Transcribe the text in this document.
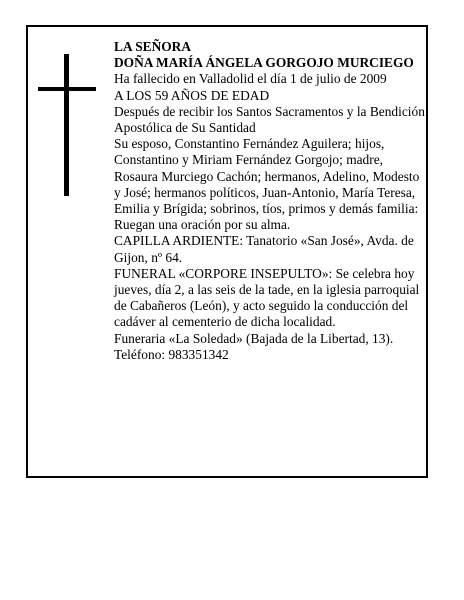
LA SEÑORA

DOÑA MARÍA ÁNGELA GORGOJO MURCIEGO

Ha fallecido en Valladolid el día 1 de julio de 2009

A LOS 59 AÑOS DE EDAD

Después de recibir los Santos Sacramentos y la Bendición Apostólica de Su Santidad

Su esposo, Constantino Fernández Aguilera; hijos, Constantino y Miriam Fernández Gorgojo; madre, Rosaura Murciego Cachón; hermanos, Adelino, Modesto y José; hermanos políticos, Juan-Antonio, María Teresa, Emilia y Brígida; sobrinos, tíos, primos y demás familia:

Ruegan una oración por su alma.

CAPILLA ARDIENTE: Tanatorio «San José», Avda. de Gijon, nº 64.

FUNERAL «CORPORE INSEPULTO»: Se celebra hoy jueves, día 2, a las seis de la tade, en la iglesia parroquial de Cabañeros (León), y acto seguido la conducción del cadáver al cementerio de dicha localidad.

Funeraria «La Soledad» (Bajada de la Libertad, 13).

Teléfono: 983351342
